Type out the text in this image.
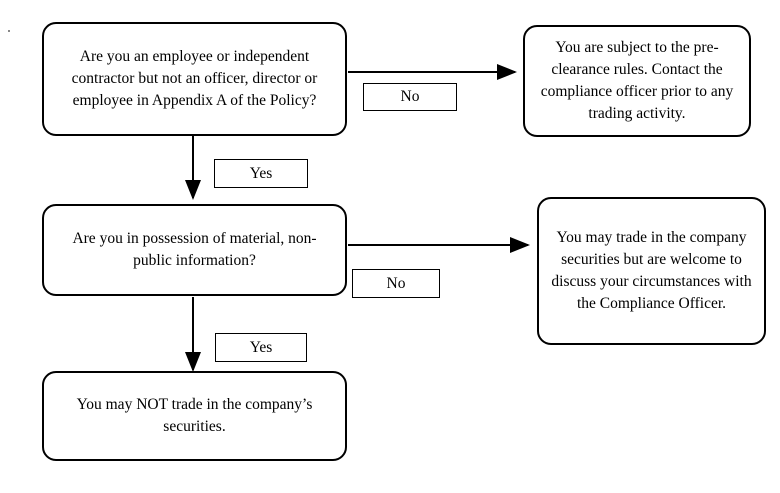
Are you an employee or independent contractor but not an officer, director or employee in Appendix A of the Policy?
You are subject to the pre-clearance rules. Contact the compliance officer prior to any trading activity.
Are you in possession of material, non-public information?
You may trade in the company securities but are welcome to discuss your circumstances with the Compliance Officer.
You may NOT trade in the company’s securities.
No
Yes
No
Yes
